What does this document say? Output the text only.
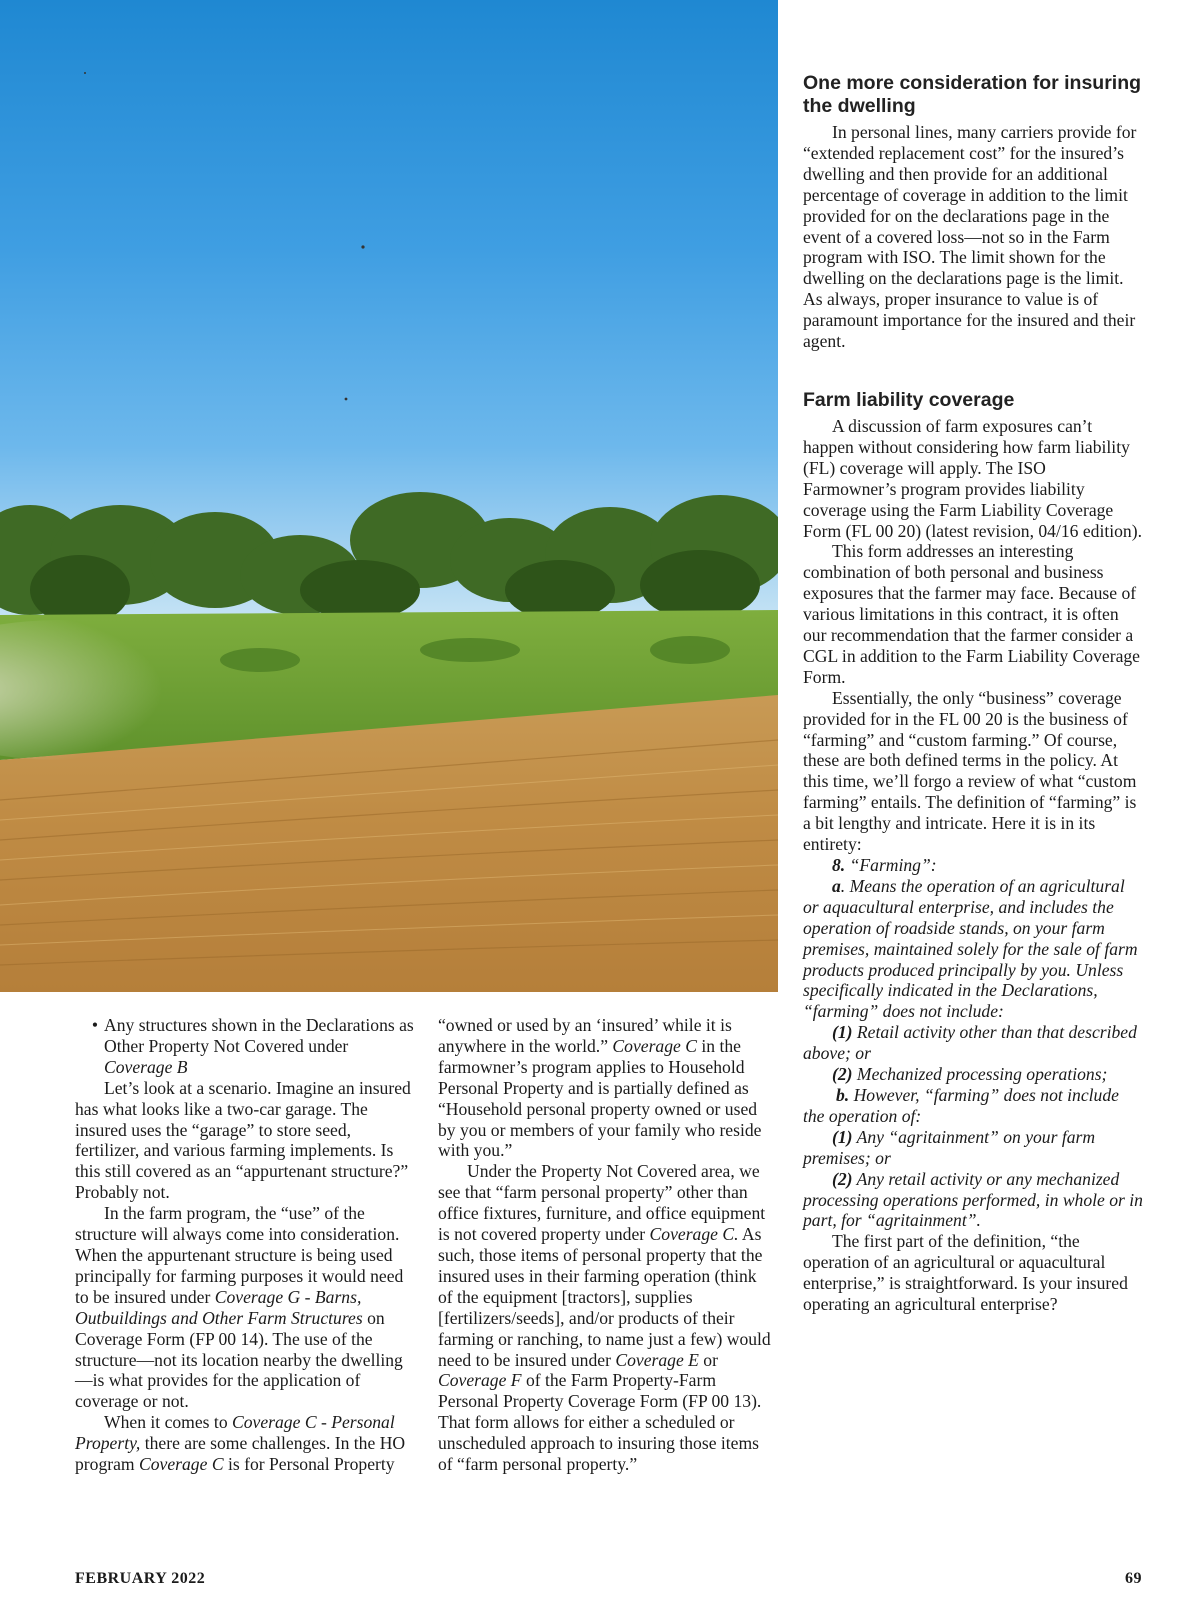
• Any structures shown in the Declarations as Other Property Not Covered under Coverage B

Let’s look at a scenario. Imagine an insured has what looks like a two-car garage. The insured uses the “garage” to store seed, fertilizer, and various farming implements. Is this still covered as an “appurtenant structure?” Probably not.

In the farm program, the “use” of the structure will always come into consideration. When the appurtenant structure is being used principally for farming purposes it would need to be insured under Coverage G - Barns, Outbuildings and Other Farm Structures on Coverage Form (FP 00 14). The use of the structure—not its location nearby the dwelling—is what provides for the application of coverage or not.

When it comes to Coverage C - Personal Property, there are some challenges. In the HO program Coverage C is for Personal Property

“owned or used by an ‘insured’ while it is anywhere in the world.” Coverage C in the farmowner’s program applies to Household Personal Property and is partially defined as “Household personal property owned or used by you or members of your family who reside with you.”

Under the Property Not Covered area, we see that “farm personal property” other than office fixtures, furniture, and office equipment is not covered property under Coverage C. As such, those items of personal property that the insured uses in their farming operation (think of the equipment [tractors], supplies [fertilizers/seeds], and/or products of their farming or ranching, to name just a few) would need to be insured under Coverage E or Coverage F of the Farm Property-Farm Personal Property Coverage Form (FP 00 13). That form allows for either a scheduled or unscheduled approach to insuring those items of “farm personal property.”

One more consideration for insuring the dwelling

In personal lines, many carriers provide for “extended replacement cost” for the insured’s dwelling and then provide for an additional percentage of coverage in addition to the limit provided for on the declarations page in the event of a covered loss—not so in the Farm program with ISO. The limit shown for the dwelling on the declarations page is the limit. As always, proper insurance to value is of paramount importance for the insured and their agent.

Farm liability coverage

A discussion of farm exposures can’t happen without considering how farm liability (FL) coverage will apply. The ISO Farmowner’s program provides liability coverage using the Farm Liability Coverage Form (FL 00 20) (latest revision, 04/16 edition).

This form addresses an interesting combination of both personal and business exposures that the farmer may face. Because of various limitations in this contract, it is often our recommendation that the farmer consider a CGL in addition to the Farm Liability Coverage Form.

Essentially, the only “business” coverage provided for in the FL 00 20 is the business of “farming” and “custom farming.” Of course, these are both defined terms in the policy. At this time, we’ll forgo a review of what “custom farming” entails. The definition of “farming” is a bit lengthy and intricate. Here it is in its entirety:

8. “Farming”:

a. Means the operation of an agricultural or aquacultural enterprise, and includes the operation of roadside stands, on your farm premises, maintained solely for the sale of farm products produced principally by you. Unless specifically indicated in the Declarations, “farming” does not include:

(1) Retail activity other than that described above; or

(2) Mechanized processing operations;

b. However, “farming” does not include the operation of:

(1) Any “agritainment” on your farm premises; or

(2) Any retail activity or any mechanized processing operations performed, in whole or in part, for “agritainment”.

The first part of the definition, “the operation of an agricultural or aquacultural enterprise,” is straightforward. Is your insured operating an agricultural enterprise?

FEBRUARY 2022	69
